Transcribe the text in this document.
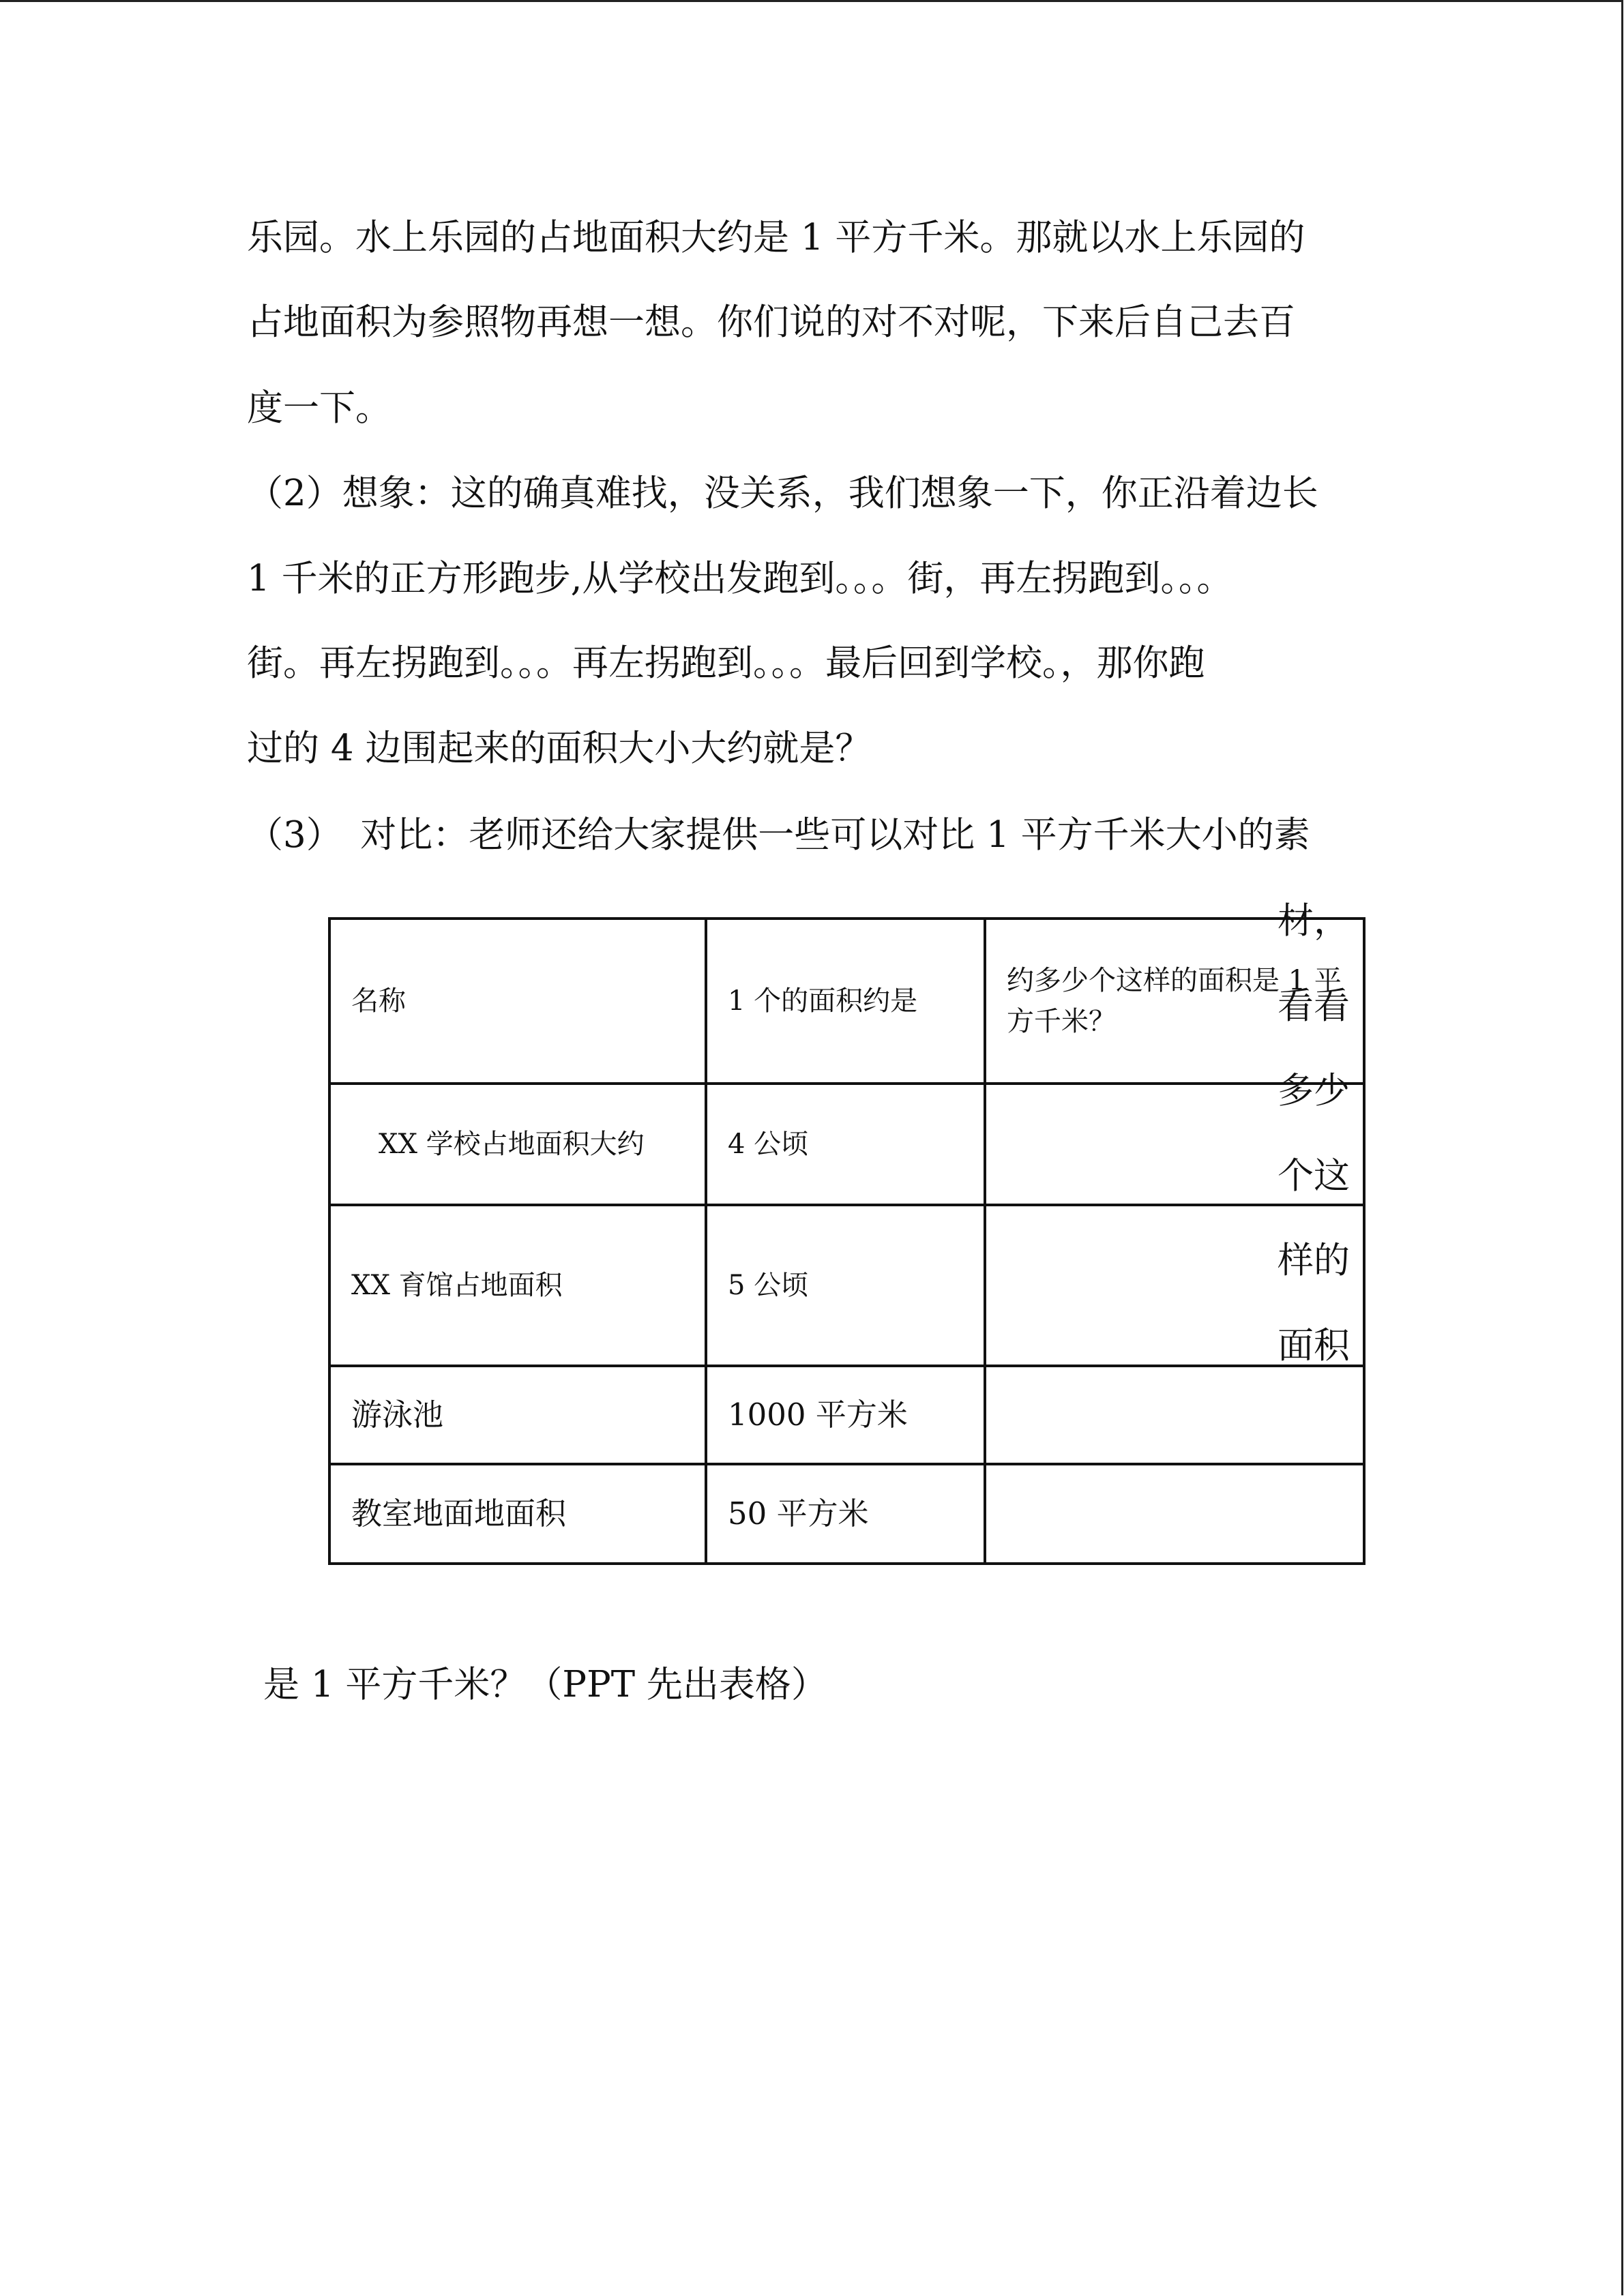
乐园。水上乐园的占地面积大约是 1 平方千米。那就以水上乐园的

占地面积为参照物再想一想。你们说的对不对呢，下来后自己去百

度一下。

（2）想象：这的确真难找，没关系，我们想象一下，你正沿着边长

1 千米的正方形跑步,从学校出发跑到。。。街，再左拐跑到。。。

街。再左拐跑到。。。再左拐跑到。。。最后回到学校。，那你跑

过的 4 边围起来的面积大小大约就是？

（3）　对比：老师还给大家提供一些可以对比 1 平方千米大小的素

材，

看看

多少

个这

样的

面积

名称	1 个的面积约是	约多少个这样的面积是 1 平方千米？
　XX 学校占地面积大约	4 公顷	
XX 育馆占地面积	5 公顷	
游泳池	1000 平方米	
教室地面地面积	50 平方米	

是 1 平方千米？（PPT 先出表格）
